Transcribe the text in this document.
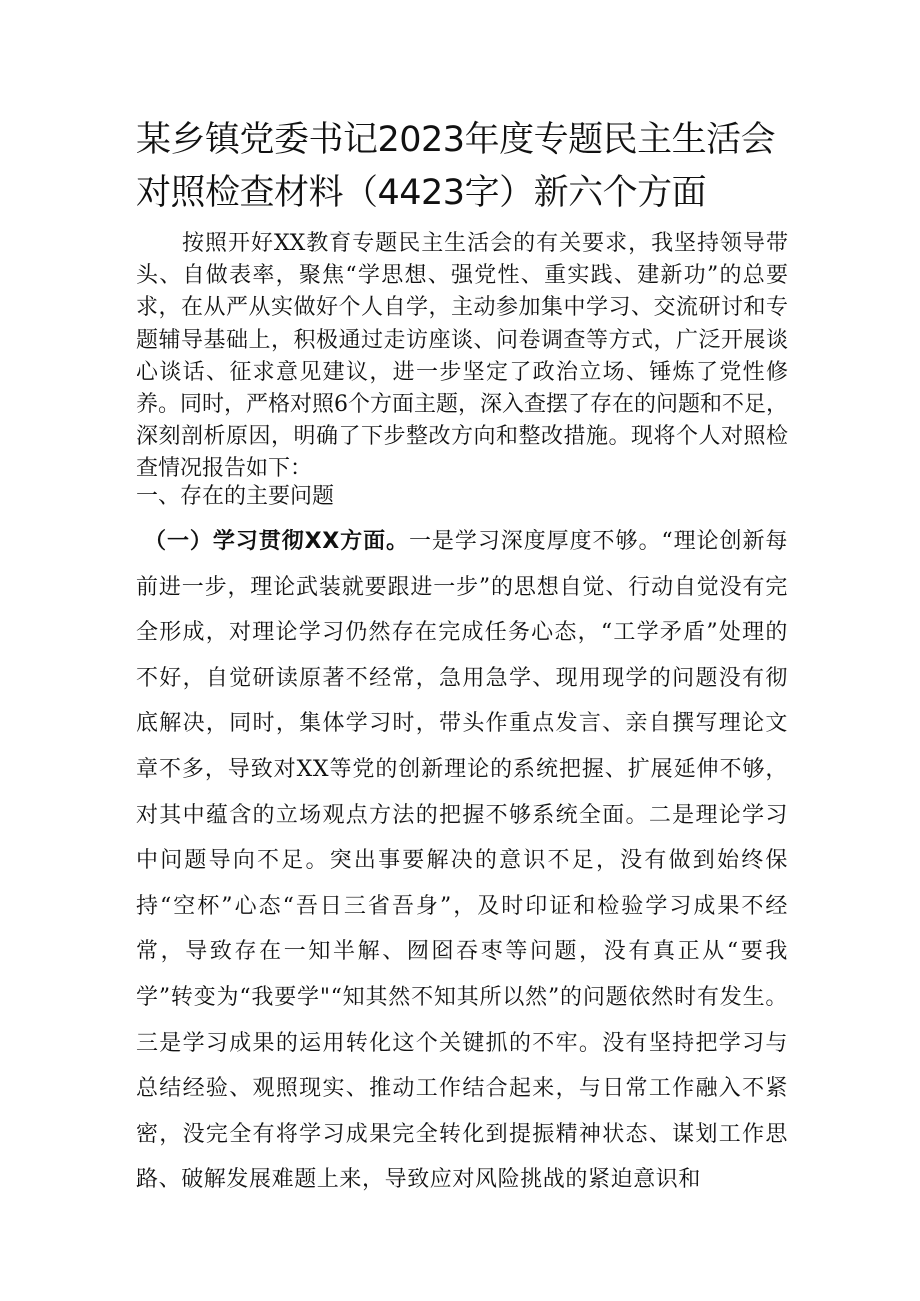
某乡镇党委书记2023年度专题民主生活会
对照检查材料（4423字）新六个方面

按照开好XX教育专题民主生活会的有关要求，我坚持领导带头、自做表率，聚焦“学思想、强党性、重实践、建新功”的总要求，在从严从实做好个人自学，主动参加集中学习、交流研讨和专题辅导基础上，积极通过走访座谈、问卷调查等方式，广泛开展谈心谈话、征求意见建议，进一步坚定了政治立场、锤炼了党性修养。同时，严格对照6个方面主题，深入查摆了存在的问题和不足，深刻剖析原因，明确了下步整改方向和整改措施。现将个人对照检查情况报告如下：

一、存在的主要问题

（一）学习贯彻XX方面。一是学习深度厚度不够。“理论创新每前进一步，理论武装就要跟进一步”的思想自觉、行动自觉没有完全形成，对理论学习仍然存在完成任务心态，“工学矛盾”处理的不好，自觉研读原著不经常，急用急学、现用现学的问题没有彻底解决，同时，集体学习时，带头作重点发言、亲自撰写理论文章不多，导致对XX等党的创新理论的系统把握、扩展延伸不够，对其中蕴含的立场观点方法的把握不够系统全面。二是理论学习中问题导向不足。突出事要解决的意识不足，没有做到始终保持“空杯”心态“吾日三省吾身”，及时印证和检验学习成果不经常，导致存在一知半解、囫囵吞枣等问题，没有真正从“要我学”转变为“我要学"“知其然不知其所以然”的问题依然时有发生。三是学习成果的运用转化这个关键抓的不牢。没有坚持把学习与总结经验、观照现实、推动工作结合起来，与日常工作融入不紧密，没完全有将学习成果完全转化到提振精神状态、谋划工作思路、破解发展难题上来，导致应对风险挑战的紧迫意识和
